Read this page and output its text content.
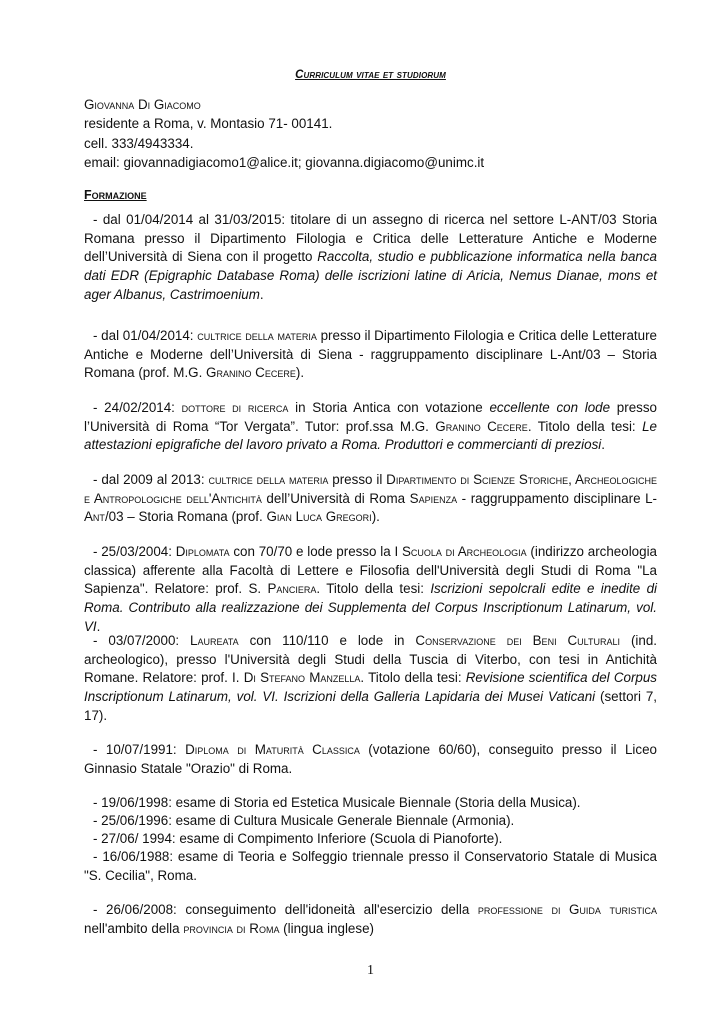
Curriculum vitae et studiorum
Giovanna Di Giacomo
residente a Roma, v. Montasio 71- 00141.
cell. 333/4943334.
email: giovannadigiacomo1@alice.it; giovanna.digiacomo@unimc.it
Formazione

- dal 01/04/2014 al 31/03/2015: titolare di un assegno di ricerca nel settore L-ANT/03 Storia Romana presso il Dipartimento Filologia e Critica delle Letterature Antiche e Moderne dell’Università di Siena con il progetto Raccolta, studio e pubblicazione informatica nella banca dati EDR (Epigraphic Database Roma) delle iscrizioni latine di Aricia, Nemus Dianae, mons et ager Albanus, Castrimoenium.

- dal 01/04/2014: cultrice della materia presso il Dipartimento Filologia e Critica delle Letterature Antiche e Moderne dell’Università di Siena - raggruppamento disciplinare L-Ant/03 – Storia Romana (prof. M.G. Granino Cecere).

- 24/02/2014: dottore di ricerca in Storia Antica con votazione eccellente con lode presso l’Università di Roma “Tor Vergata”. Tutor: prof.ssa M.G. Granino Cecere. Titolo della tesi: Le attestazioni epigrafiche del lavoro privato a Roma. Produttori e commercianti di preziosi.

- dal 2009 al 2013: cultrice della materia presso il Dipartimento di Scienze Storiche, Archeologiche e Antropologiche dell'Antichità dell’Università di Roma Sapienza - raggruppamento disciplinare L-Ant/03 – Storia Romana (prof. Gian Luca Gregori).

- 25/03/2004: Diplomata con 70/70 e lode presso la I Scuola di Archeologia (indirizzo archeologia classica) afferente alla Facoltà di Lettere e Filosofia dell'Università degli Studi di Roma "La Sapienza". Relatore: prof. S. Panciera. Titolo della tesi: Iscrizioni sepolcrali edite e inedite di Roma. Contributo alla realizzazione dei Supplementa del Corpus Inscriptionum Latinarum, vol. VI.

- 03/07/2000: Laureata con 110/110 e lode in Conservazione dei Beni Culturali (ind. archeologico), presso l'Università degli Studi della Tuscia di Viterbo, con tesi in Antichità Romane. Relatore: prof. I. Di Stefano Manzella. Titolo della tesi: Revisione scientifica del Corpus Inscriptionum Latinarum, vol. VI. Iscrizioni della Galleria Lapidaria dei Musei Vaticani (settori 7, 17).

- 10/07/1991: Diploma di Maturità Classica (votazione 60/60), conseguito presso il Liceo Ginnasio Statale "Orazio" di Roma.

- 19/06/1998: esame di Storia ed Estetica Musicale Biennale (Storia della Musica).
- 25/06/1996: esame di Cultura Musicale Generale Biennale (Armonia).
- 27/06/ 1994: esame di Compimento Inferiore (Scuola di Pianoforte).

- 16/06/1988: esame di Teoria e Solfeggio triennale presso il Conservatorio Statale di Musica "S. Cecilia", Roma.

- 26/06/2008: conseguimento dell'idoneità all'esercizio della professione di Guida turistica nell'ambito della provincia di Roma (lingua inglese)

1
